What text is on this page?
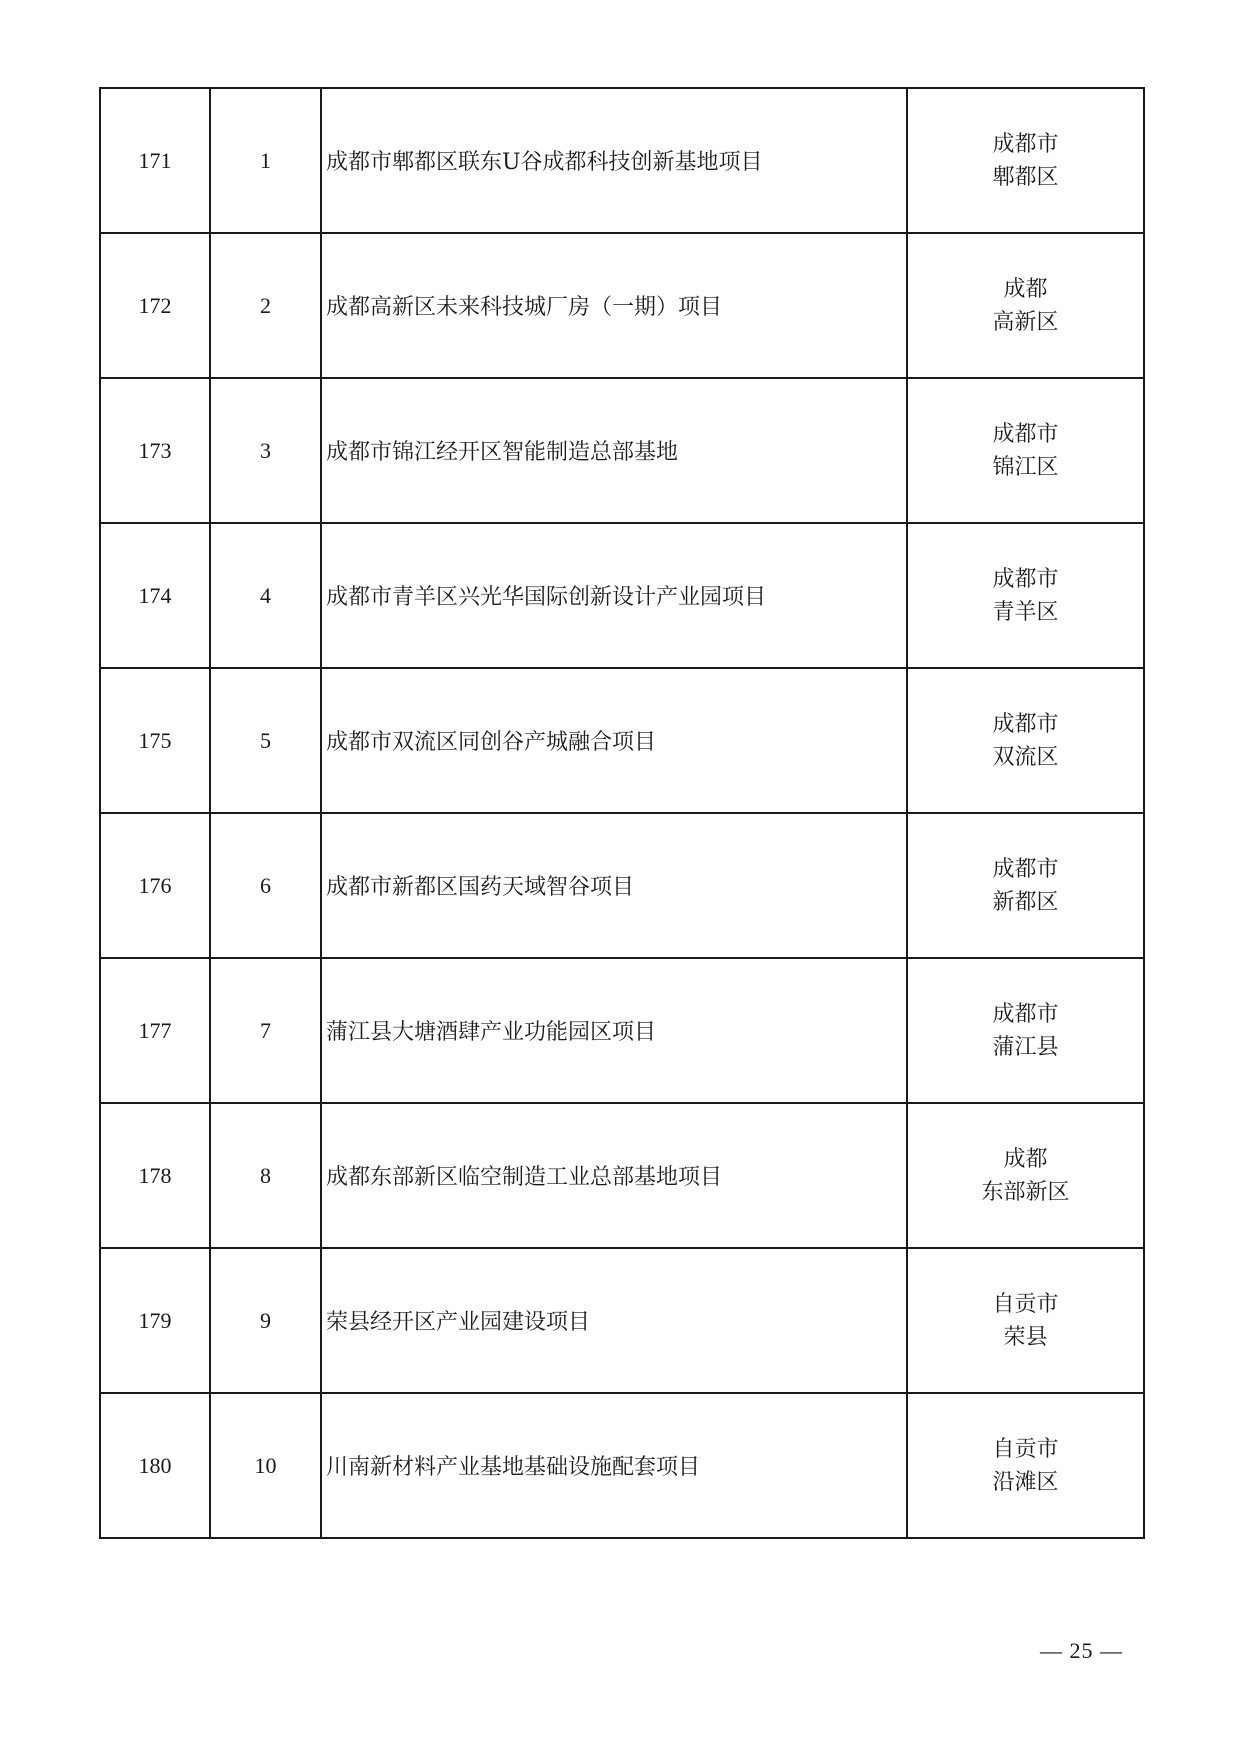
171	1	成都市郫都区联东U谷成都科技创新基地项目	成都市
郫都区

172	2	成都高新区未来科技城厂房（一期）项目	成都
高新区

173	3	成都市锦江经开区智能制造总部基地	成都市
锦江区

174	4	成都市青羊区兴光华国际创新设计产业园项目	成都市
青羊区

175	5	成都市双流区同创谷产城融合项目	成都市
双流区

176	6	成都市新都区国药天域智谷项目	成都市
新都区

177	7	蒲江县大塘酒肆产业功能园区项目	成都市
蒲江县

178	8	成都东部新区临空制造工业总部基地项目	成都
东部新区

179	9	荣县经开区产业园建设项目	自贡市
荣县

180	10	川南新材料产业基地基础设施配套项目	自贡市
沿滩区
— 25 —
